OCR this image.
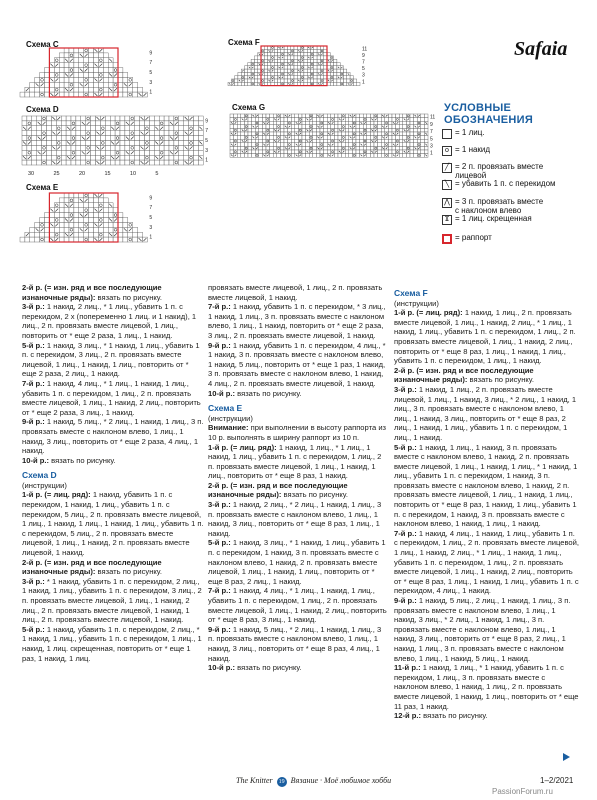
Safaia
Схема C	Схема F
Схема D	Схема G
Схема E
9
7
5
3
1
11
9
7
5
3
1
9
7
5
3
1
30	25	20	15	10	5
11
9
7
5
3
1
9
7
5
3
1
УСЛОВНЫЕ ОБОЗНАЧЕНИЯ
= 1 лиц.
o = 1 накид
╱ = 2 п. провязать вместе
лицевой
╲ = убавить 1 п. с перекидом
⋀ = 3 п. провязать вместе
с наклоном влево
Ϫ = 1 лиц. скрещенная
= раппорт

2-й р. (= изн. ряд и все последующие изнаночные ряды): вязать по рисунку.

3-й р.: 1 накид, 2 лиц., * 1 лиц., убавить 1 п. с перекидом, 2 х (попеременно 1 лиц. и 1 накид), 1 лиц., 2 п. провязать вместе лицевой, 1 лиц., повторить от * еще 2 раза, 1 лиц., 1 накид.

5-й р.: 1 накид, 3 лиц., * 1 накид, 1 лиц., убавить 1 п. с перекидом, 3 лиц., 2 п. провязать вместе лицевой, 1 лиц., 1 накид, 1 лиц., повторить от * еще 2 раза, 2 лиц., 1 накид.

7-й р.: 1 накид, 4 лиц., * 1 лиц., 1 накид, 1 лиц., убавить 1 п. с перекидом, 1 лиц., 2 п. провязать вместе лицевой, 1 лиц., 1 накид, 2 лиц., повторить от * еще 2 раза, 3 лиц., 1 накид.

9-й р.: 1 накид, 5 лиц., * 2 лиц., 1 накид, 1 лиц., 3 п. провязать вместе с наклоном влево, 1 лиц., 1 накид, 3 лиц., повторить от * еще 2 раза, 4 лиц., 1 накид.

10-й р.: вязать по рисунку.

Схема D

(инструкции)

1-й р. (= лиц. ряд): 1 накид, убавить 1 п. с перекидом, 1 накид, 1 лиц., убавить 1 п. с перекидом, 5 лиц., 2 п. провязать вместе лицевой, 1 лиц., 1 накид, 1 лиц., 1 накид, 1 лиц., убавить 1 п. с перекидом, 5 лиц., 2 п. провязать вместе лицевой, 1 лиц., 1 накид, 2 п. провязать вместе лицевой, 1 накид.

2-й р. (= изн. ряд и все последующие изнаночные ряды): вязать по рисунку.

3-й р.: * 1 накид, убавить 1 п. с перекидом, 2 лиц., 1 накид, 1 лиц., убавить 1 п. с перекидом, 3 лиц., 2 п. провязать вместе лицевой, 1 лиц., 1 накид, 2 лиц., 2 п. провязать вместе лицевой, 1 накид, 1 лиц., 2 п. провязать вместе лицевой, 1 накид.

5-й р.: 1 накид, убавить 1 п. с перекидом, 2 лиц., * 1 накид, 1 лиц., убавить 1 п. с перекидом, 1 лиц., 1 накид, 1 лиц. скрещенная, повторить от * еще 1 раз, 1 накид, 1 лиц.

провязать вместе лицевой, 1 лиц., 2 п. провязать вместе лицевой, 1 накид.

7-й р.: 1 накид, убавить 1 п. с перекидом, * 3 лиц., 1 накид, 1 лиц., 3 п. провязать вместе с наклоном влево, 1 лиц., 1 накид, повторить от * еще 2 раза, 3 лиц., 2 п. провязать вместе лицевой, 1 накид.

9-й р.: 1 накид, убавить 1 п. с перекидом, 4 лиц., * 1 накид, 3 п. провязать вместе с наклоном влево, 1 накид, 5 лиц., повторить от * еще 1 раз, 1 накид, 3 п. провязать вместе с наклоном влево, 1 накид, 4 лиц., 2 п. провязать вместе лицевой, 1 накид.

10-й р.: вязать по рисунку.

Схема E

(инструкции)

Внимание: при выполнении в высоту раппорта из 10 р. выполнять в ширину раппорт из 10 п.

1-й р. (= лиц. ряд): 1 накид, 1 лиц., * 1 лиц., 1 накид, 1 лиц., убавить 1 п. с перекидом, 1 лиц., 2 п. провязать вместе лицевой, 1 лиц., 1 накид, 1 лиц., повторить от * еще 8 раз, 1 накид.

2-й р. (= изн. ряд и все последующие изнаночные ряды): вязать по рисунку.

3-й р.: 1 накид, 2 лиц., * 2 лиц., 1 накид, 1 лиц., 3 п. провязать вместе с наклоном влево, 1 лиц., 1 накид, 3 лиц., повторить от * еще 8 раз, 1 лиц., 1 накид.

5-й р.: 1 накид, 3 лиц., * 1 накид, 1 лиц., убавить 1 п. с перекидом, 1 накид, 3 п. провязать вместе с наклоном влево, 1 накид, 2 п. провязать вместе лицевой, 1 лиц., 1 накид, 1 лиц., повторить от * еще 8 раз, 2 лиц., 1 накид.

7-й р.: 1 накид, 4 лиц., * 1 лиц., 1 накид, 1 лиц., убавить 1 п. с перекидом, 1 лиц., 2 п. провязать вместе лицевой, 1 лиц., 1 накид, 2 лиц., повторить от * еще 8 раз, 3 лиц., 1 накид.

9-й р.: 1 накид, 5 лиц., * 2 лиц., 1 накид, 1 лиц., 3 п. провязать вместе с наклоном влево, 1 лиц., 1 накид, 3 лиц., повторить от * еще 8 раз, 4 лиц., 1 накид.

10-й р.: вязать по рисунку.

Схема F

(инструкции)

1-й р. (= лиц. ряд): 1 накид, 1 лиц., 2 п. провязать вместе лицевой, 1 лиц., 1 накид, 2 лиц., * 1 лиц., 1 накид, 1 лиц., убавить 1 п. с перекидом, 1 лиц., 2 п. провязать вместе лицевой, 1 лиц., 1 накид, 2 лиц., повторить от * еще 8 раз, 1 лиц., 1 накид, 1 лиц., убавить 1 п. с перекидом, 1 лиц., 1 накид.

2-й р. (= изн. ряд и все последующие изнаночные ряды): вязать по рисунку.

3-й р.: 1 накид, 1 лиц., 2 п. провязать вместе лицевой, 1 лиц., 1 накид, 3 лиц., * 2 лиц., 1 накид, 1 лиц., 3 п. провязать вместе с наклоном влево, 1 лиц., 1 накид, 3 лиц., повторить от * еще 8 раз, 2 лиц., 1 накид, 1 лиц., убавить 1 п. с перекидом, 1 лиц., 1 накид.

5-й р.: 1 накид, 1 лиц., 1 накид, 3 п. провязать вместе с наклоном влево, 1 накид, 2 п. провязать вместе лицевой, 1 лиц., 1 накид, 1 лиц., * 1 накид, 1 лиц., убавить 1 п. с перекидом, 1 накид, 3 п. провязать вместе с наклоном влево, 1 накид, 2 п. провязать вместе лицевой, 1 лиц., 1 накид, 1 лиц., повторить от * еще 8 раз, 1 накид, 1 лиц., убавить 1 п. с перекидом, 1 накид, 3 п. провязать вместе с наклоном влево, 1 накид, 1 лиц., 1 накид.

7-й р.: 1 накид, 4 лиц., 1 накид, 1 лиц., убавить 1 п. с перекидом, 1 лиц., 2 п. провязать вместе лицевой, 1 лиц., 1 накид, 2 лиц., * 1 лиц., 1 накид, 1 лиц., убавить 1 п. с перекидом, 1 лиц., 2 п. провязать вместе лицевой, 1 лиц., 1 накид, 2 лиц., повторить от * еще 8 раз, 1 лиц., 1 накид, 1 лиц., убавить 1 п. с перекидом, 4 лиц., 1 накид.

9-й р.: 1 накид, 5 лиц., 2 лиц., 1 накид, 1 лиц., 3 п. провязать вместе с наклоном влево, 1 лиц., 1 накид, 3 лиц., * 2 лиц., 1 накид, 1 лиц., 3 п. провязать вместе с наклоном влево, 1 лиц., 1 накид, 3 лиц., повторить от * еще 8 раз, 2 лиц., 1 накид, 1 лиц., 3 п. провязать вместе с наклоном влево, 1 лиц., 1 накид, 5 лиц., 1 накид.

11-й р.: 1 накид, 1 лиц., * 1 накид, убавить 1 п. с перекидом, 1 лиц., 3 п. провязать вместе с наклоном влево, 1 накид, 1 лиц., 2 п. провязать вместе лицевой, 1 накид, 1 лиц., повторить от * еще 11 раз, 1 накид.

12-й р.: вязать по рисунку.

The Knitter 19 Вязание · Моё любимое хобби	1–2/2021
PassionForum.ru
